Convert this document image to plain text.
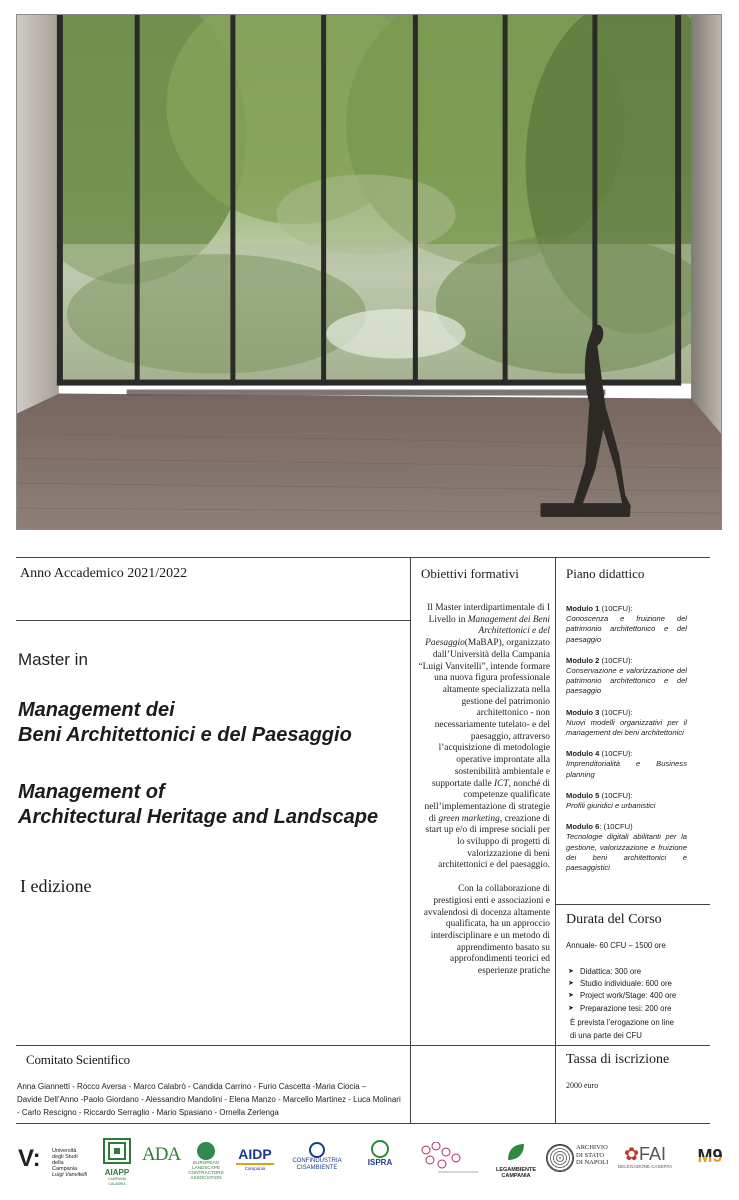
Anno Accademico 2021/2022
Master in
Management dei
Beni Architettonici e del Paesaggio
Management of
Architectural Heritage and Landscape
I edizione
Comitato Scientifico
Anna Giannetti - Rocco Aversa - Marco Calabrò - Candida Carrino - Furio Cascetta -Maria Ciocia –
Davide Dell’Anno -Paolo Giordano - Alessandro Mandolini - Elena Manzo - Marcello Martinez - Luca Molinari
- Carlo Rescigno - Riccardo Serraglio - Mario Spasiano - Ornella Zerlenga
Obiettivi formativi

Il Master interdipartimentale di I Livello in Management dei Beni Architettonici e del Paesaggio(MaBAP), organizzato dall’Università della Campania “Luigi Vanvitelli”, intende formare una nuova figura professionale altamente specializzata nella gestione del patrimonio architettonico - non necessariamente tutelato- e del paesaggio, attraverso l’acquisizione di metodologie operative improntate alla sostenibilità ambientale e supportate dalle ICT, nonché di competenze qualificate nell’implementazione di strategie di green marketing, creazione di start up e/o di imprese sociali per lo sviluppo di progetti di valorizzazione di beni architettonici e del paesaggio.

Con la collaborazione di prestigiosi enti e associazioni e avvalendosi di docenza altamente qualificata, ha un approccio interdisciplinare e un metodo di apprendimento basato su approfondimenti teorici ed esperienze pratiche

Piano didattico
Modulo 1 (10CFU):
Conoscenza e fruizione del patrimonio architettonico e del paesaggio
Modulo 2 (10CFU):
Conservazione e valorizzazione del patrimonio architettonico e del paesaggio
Modulo 3 (10CFU):
Nuovi modelli organizzativi per il management dei beni architettonici
Modulo 4 (10CFU):
Imprenditorialità e Business planning
Modulo 5 (10CFU):
Profili giuridici e urbanistici
Modulo 6: (10CFU)
Tecnologie digitali abilitanti per la gestione, valorizzazione e fruizione dei beni architettonici e paesaggistici
Durata del Corso
Annuale- 60 CFU – 1500 ore
➤ Didattica: 300 ore
➤ Studio individuale: 600 ore
➤ Project work/Stage: 400 ore
➤ Preparazione tesi: 200 ore
È prevista l’erogazione on line
di una parte dei CFU
Tassa di iscrizione
2000 euro
V: Università
degli Studi
della Campania
Luigi Vanvitelli	AIAPP
CAMPANIA CALABRIA
ADA	EUROPEAN
LANDSCAPE
CONTRACTORS
ASSOCIATION
AIDP
Campania
CONFINDUSTRIA
CISAMBIENTE
ISPRA
LEGAMBIENTE
CAMPANIA
ARCHIVIO
DI STATO
DI NAPOLI ✿ FAI
DELEGAZIONE CASERTA
M9
